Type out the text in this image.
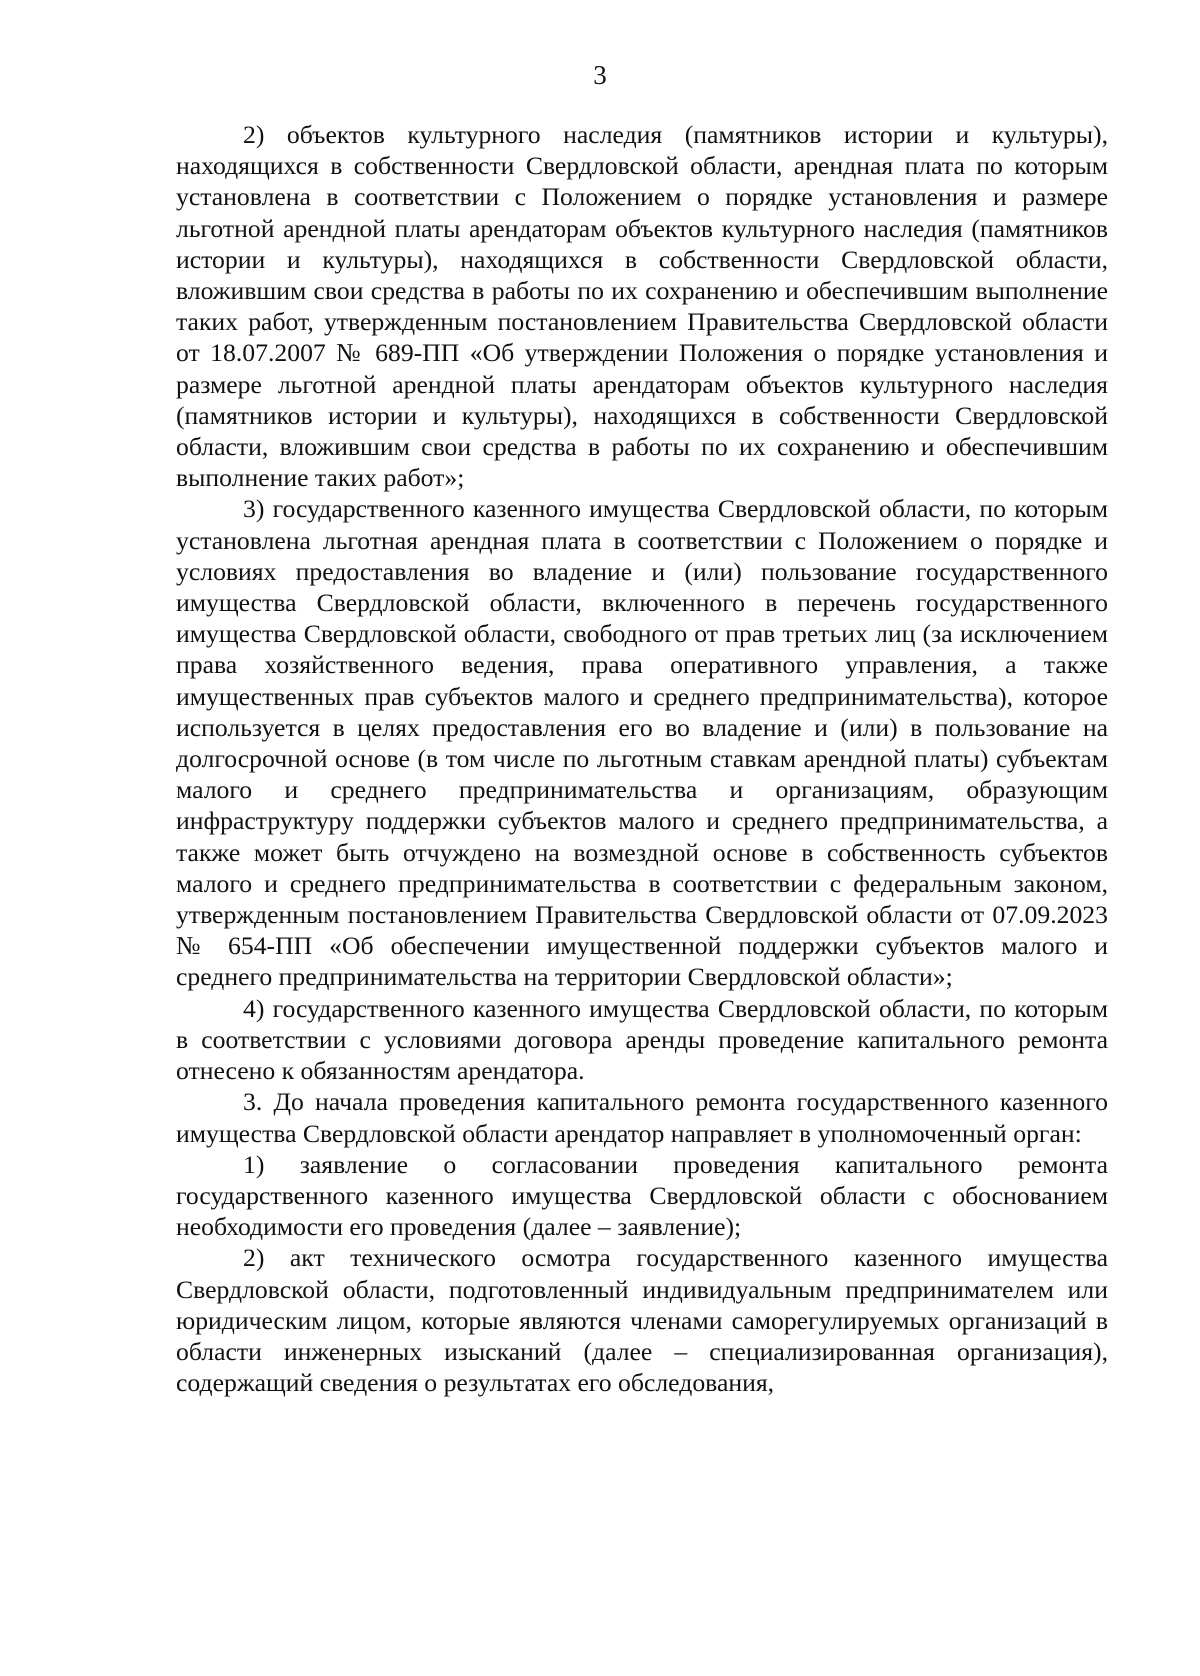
3

2) объектов культурного наследия (памятников истории и культуры), находящихся в собственности Свердловской области, арендная плата по которым установлена в соответствии с Положением о порядке установления и размере льготной арендной платы арендаторам объектов культурного наследия (памятников истории и культуры), находящихся в собственности Свердловской области, вложившим свои средства в работы по их сохранению и обеспечившим выполнение таких работ, утвержденным постановлением Правительства Свердловской области от 18.07.2007 № 689-ПП «Об утверждении Положения о порядке установления и размере льготной арендной платы арендаторам объектов культурного наследия (памятников истории и культуры), находящихся в собственности Свердловской области, вложившим свои средства в работы по их сохранению и обеспечившим выполнение таких работ»;

3) государственного казенного имущества Свердловской области, по которым установлена льготная арендная плата в соответствии с Положением о порядке и условиях предоставления во владение и (или) пользование государственного имущества Свердловской области, включенного в перечень государственного имущества Свердловской области, свободного от прав третьих лиц (за исключением права хозяйственного ведения, права оперативного управления, а также имущественных прав субъектов малого и среднего предпринимательства), которое используется в целях предоставления его во владение и (или) в пользование на долгосрочной основе (в том числе по льготным ставкам арендной платы) субъектам малого и среднего предпринимательства и организациям, образующим инфраструктуру поддержки субъектов малого и среднего предпринимательства, а также может быть отчуждено на возмездной основе в собственность субъектов малого и среднего предпринимательства в соответствии с федеральным законом, утвержденным постановлением Правительства Свердловской области от 07.09.2023 № 654-ПП «Об обеспечении имущественной поддержки субъектов малого и среднего предпринимательства на территории Свердловской области»;

4) государственного казенного имущества Свердловской области, по которым в соответствии с условиями договора аренды проведение капитального ремонта отнесено к обязанностям арендатора.

3. До начала проведения капитального ремонта государственного казенного имущества Свердловской области арендатор направляет в уполномоченный орган:

1) заявление о согласовании проведения капитального ремонта государственного казенного имущества Свердловской области с обоснованием необходимости его проведения (далее – заявление);

2) акт технического осмотра государственного казенного имущества Свердловской области, подготовленный индивидуальным предпринимателем или юридическим лицом, которые являются членами саморегулируемых организаций в области инженерных изысканий (далее – специализированная организация), содержащий сведения о результатах его обследования,
